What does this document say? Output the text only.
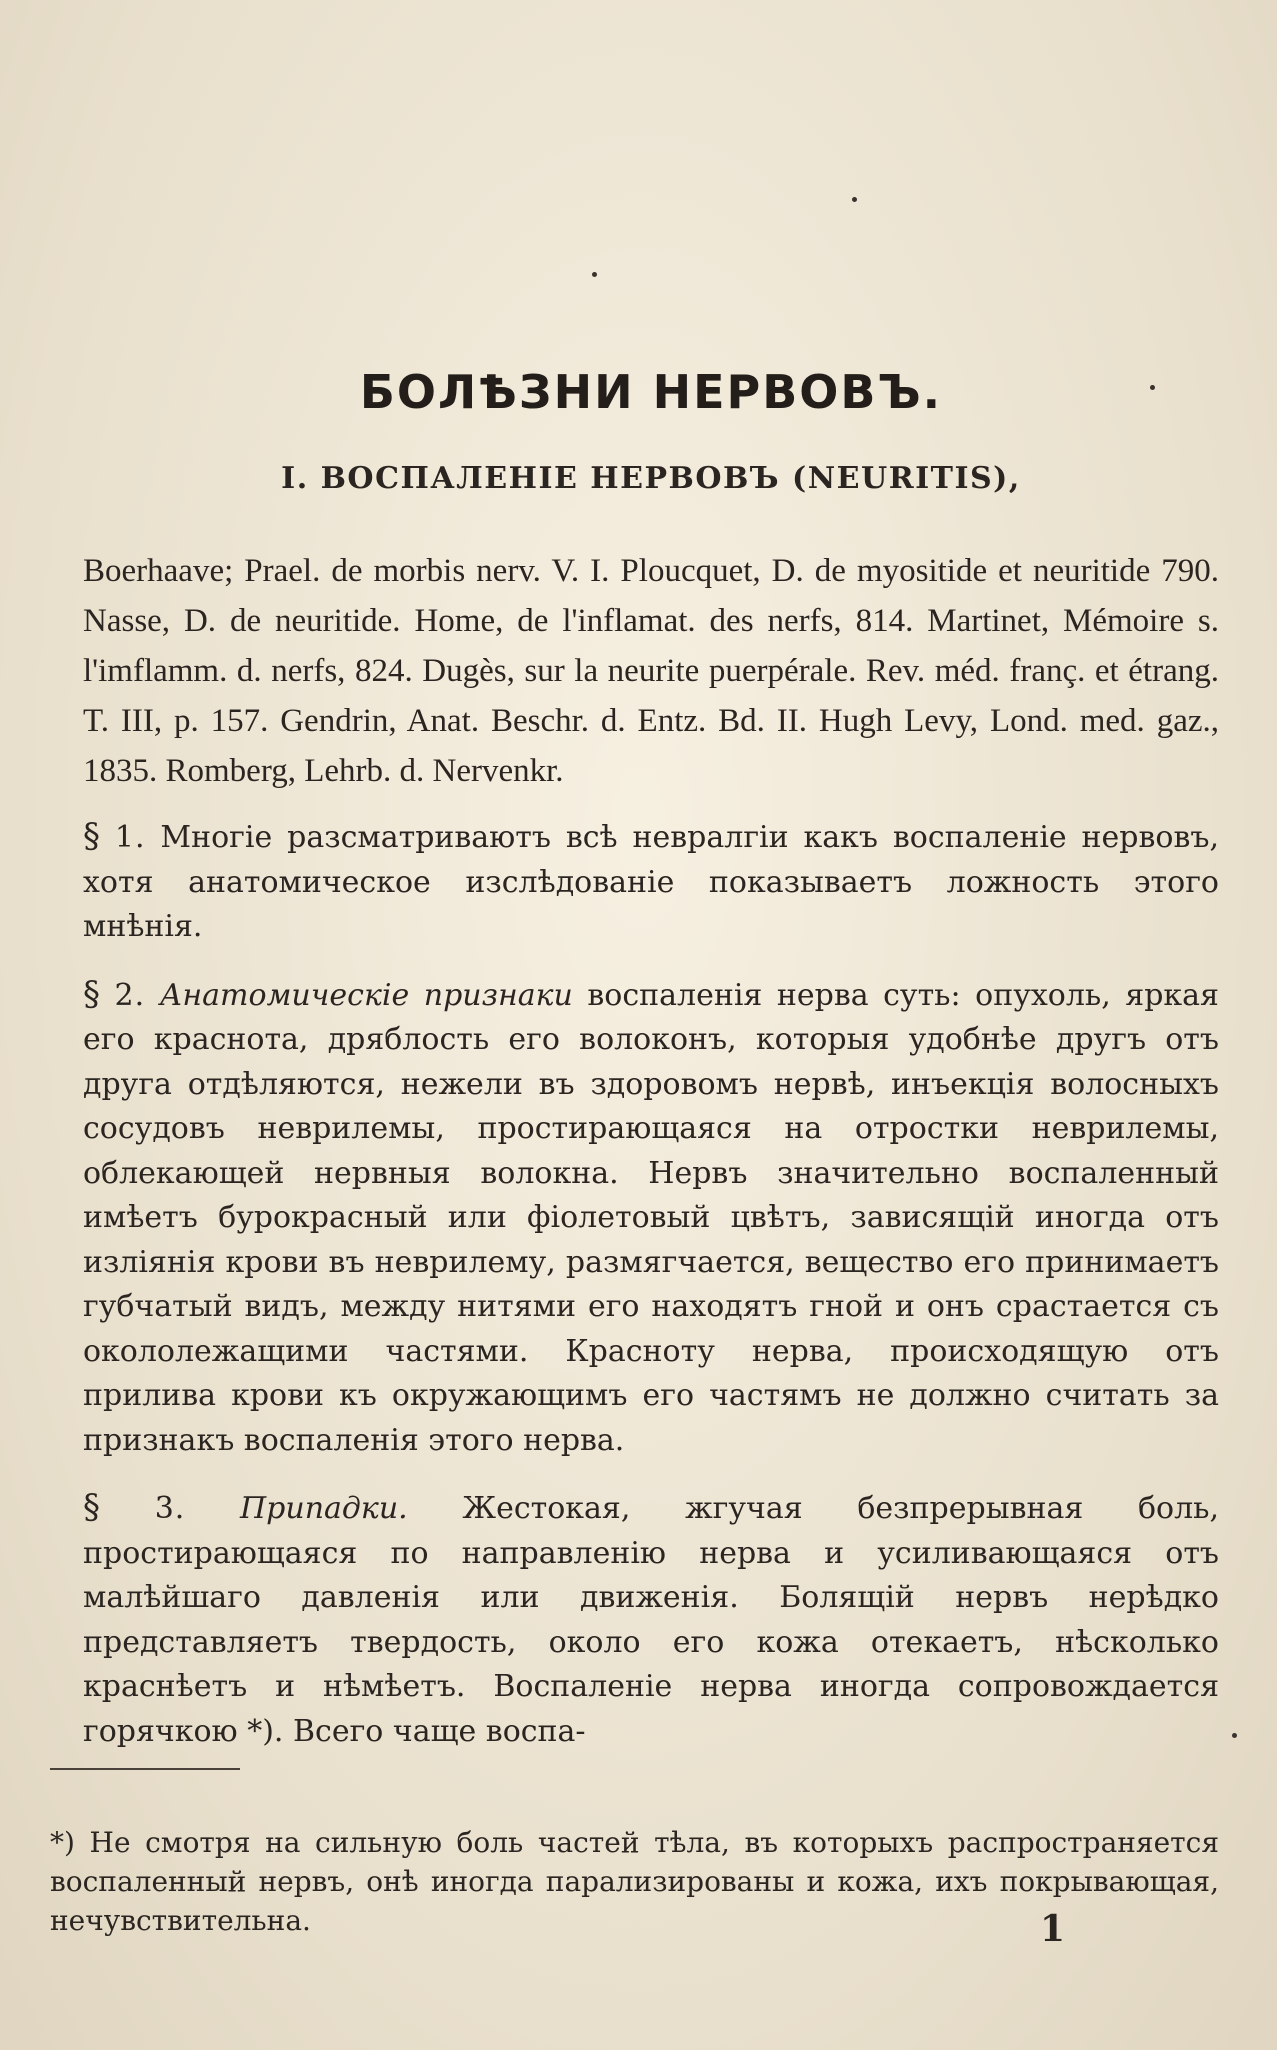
БОЛѢЗНИ НЕРВОВЪ.
I. ВОСПАЛЕНІЕ НЕРВОВЪ (NEURITIS),

Boerhaave; Prael. de morbis nerv. V. I. Ploucquet, D. de myositide et neuritide 790. Nasse, D. de neuritide. Home, de l'inflamat. des nerfs, 814. Martinet, Mémoire s. l'imflamm. d. nerfs, 824. Dugès, sur la neurite puerpérale. Rev. méd. franç. et étrang. T. III, p. 157. Gendrin, Anat. Beschr. d. Entz. Bd. II. Hugh Levy, Lond. med. gaz., 1835. Romberg, Lehrb. d. Nervenkr.

§ 1. Многіе разсматриваютъ всѣ невралгіи какъ воспаленіе нервовъ, хотя анатомическое изслѣдованіе показываетъ ложность этого мнѣнія.

§ 2. Анатомическіе признаки воспаленія нерва суть: опухоль, яркая его краснота, дряблость его волоконъ, которыя удобнѣе другъ отъ друга отдѣляются, нежели въ здоровомъ нервѣ, инъекція волосныхъ сосудовъ неврилемы, простирающаяся на отростки неврилемы, облекающей нервныя волокна. Нервъ значительно воспаленный имѣетъ бурокрасный или фіолетовый цвѣтъ, зависящій иногда отъ изліянія крови въ неврилему, размягчается, вещество его принимаетъ губчатый видъ, между нитями его находятъ гной и онъ срастается съ окололежащими частями. Красноту нерва, происходящую отъ прилива крови къ окружающимъ его частямъ не должно считать за признакъ воспаленія этого нерва.

§ 3. Припадки. Жестокая, жгучая безпрерывная боль, простирающаяся по направленію нерва и усиливающаяся отъ малѣйшаго давленія или движенія. Болящій нервъ нерѣдко представляетъ твердость, около его кожа отекаетъ, нѣсколько краснѣетъ и нѣмѣетъ. Воспаленіе нерва иногда сопровождается горячкою *). Всего чаще воспа-

*) Не смотря на сильную боль частей тѣла, въ которыхъ распространяется воспаленный нервъ, онѣ иногда парализированы и кожа, ихъ покрывающая, нечувствительна.	1
